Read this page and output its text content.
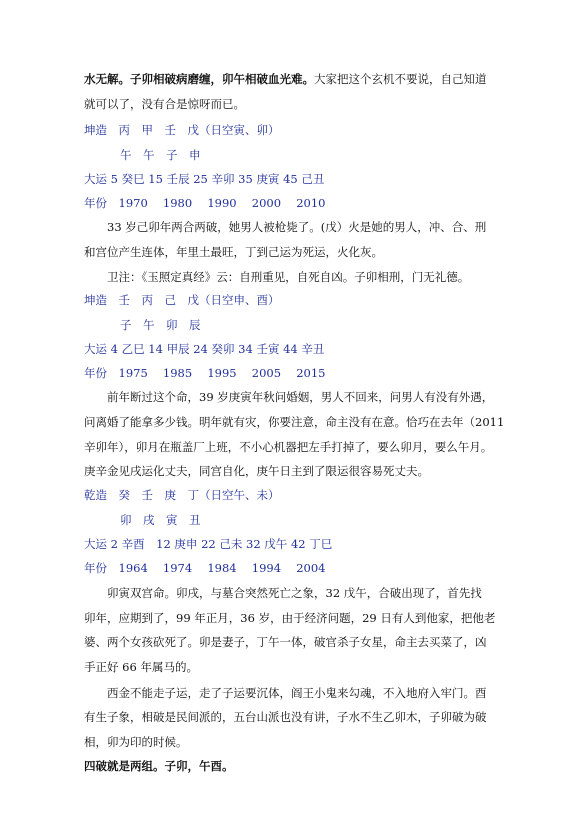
水无解。子卯相破病磨缠，卯午相破血光难。大家把这个玄机不要说，自己知道
就可以了，没有合是惊呀而已。
坤造　丙　甲　壬　戊（日空寅、卯）
午　午　子　申
大运 5 癸巳 15 壬辰 25 辛卯 35 庚寅 45 己丑
年份　1970　 1980　 1990　 2000　 2010
33 岁己卯年两合两破，她男人被枪毙了。(戊）火是她的男人，冲、合、刑
和宫位产生连体，年里土最旺，丁到己运为死运，火化灰。
卫注：《玉照定真经》云：自刑重见，自死自凶。子卯相刑，门无礼德。
坤造　壬　丙　己　戊（日空申、酉）
子　午　卯　辰
大运 4 乙巳 14 甲辰 24 癸卯 34 壬寅 44 辛丑
年份　1975　 1985　 1995　 2005　 2015
前年断过这个命，39 岁庚寅年秋问婚姻，男人不回来，问男人有没有外遇，
问离婚了能拿多少钱。明年就有灾，你要注意，命主没有在意。恰巧在去年（2011
辛卯年），卯月在瓶盖厂上班，不小心机器把左手打掉了，要么卯月，要么午月。
庚辛金见戌运化丈夫，同宫自化，庚午日主到了限运很容易死丈夫。
乾造　癸　壬　庚　丁（日空午、未）
卯　戌　寅　丑
大运 2 辛酉　12 庚申 22 己未 32 戊午 42 丁巳
年份　1964　 1974　 1984　 1994　 2004
卯寅双宫命。卯戌，与墓合突然死亡之象，32 戊午，合破出现了，首先找
卯年，应期到了，99 年正月，36 岁，由于经济问题，29 日有人到他家，把他老
婆、两个女孩砍死了。卯是妻子，丁午一体，破官杀子女星，命主去买菜了，凶
手正好 66 年属马的。
西金不能走子运，走了子运要沉体，阎王小鬼来勾魂，不入地府入牢门。酉
有生子象，相破是民间派的，五台山派也没有讲，子水不生乙卯木，子卯破为破
相，卯为印的时候。
四破就是两组。子卯，午酉。
